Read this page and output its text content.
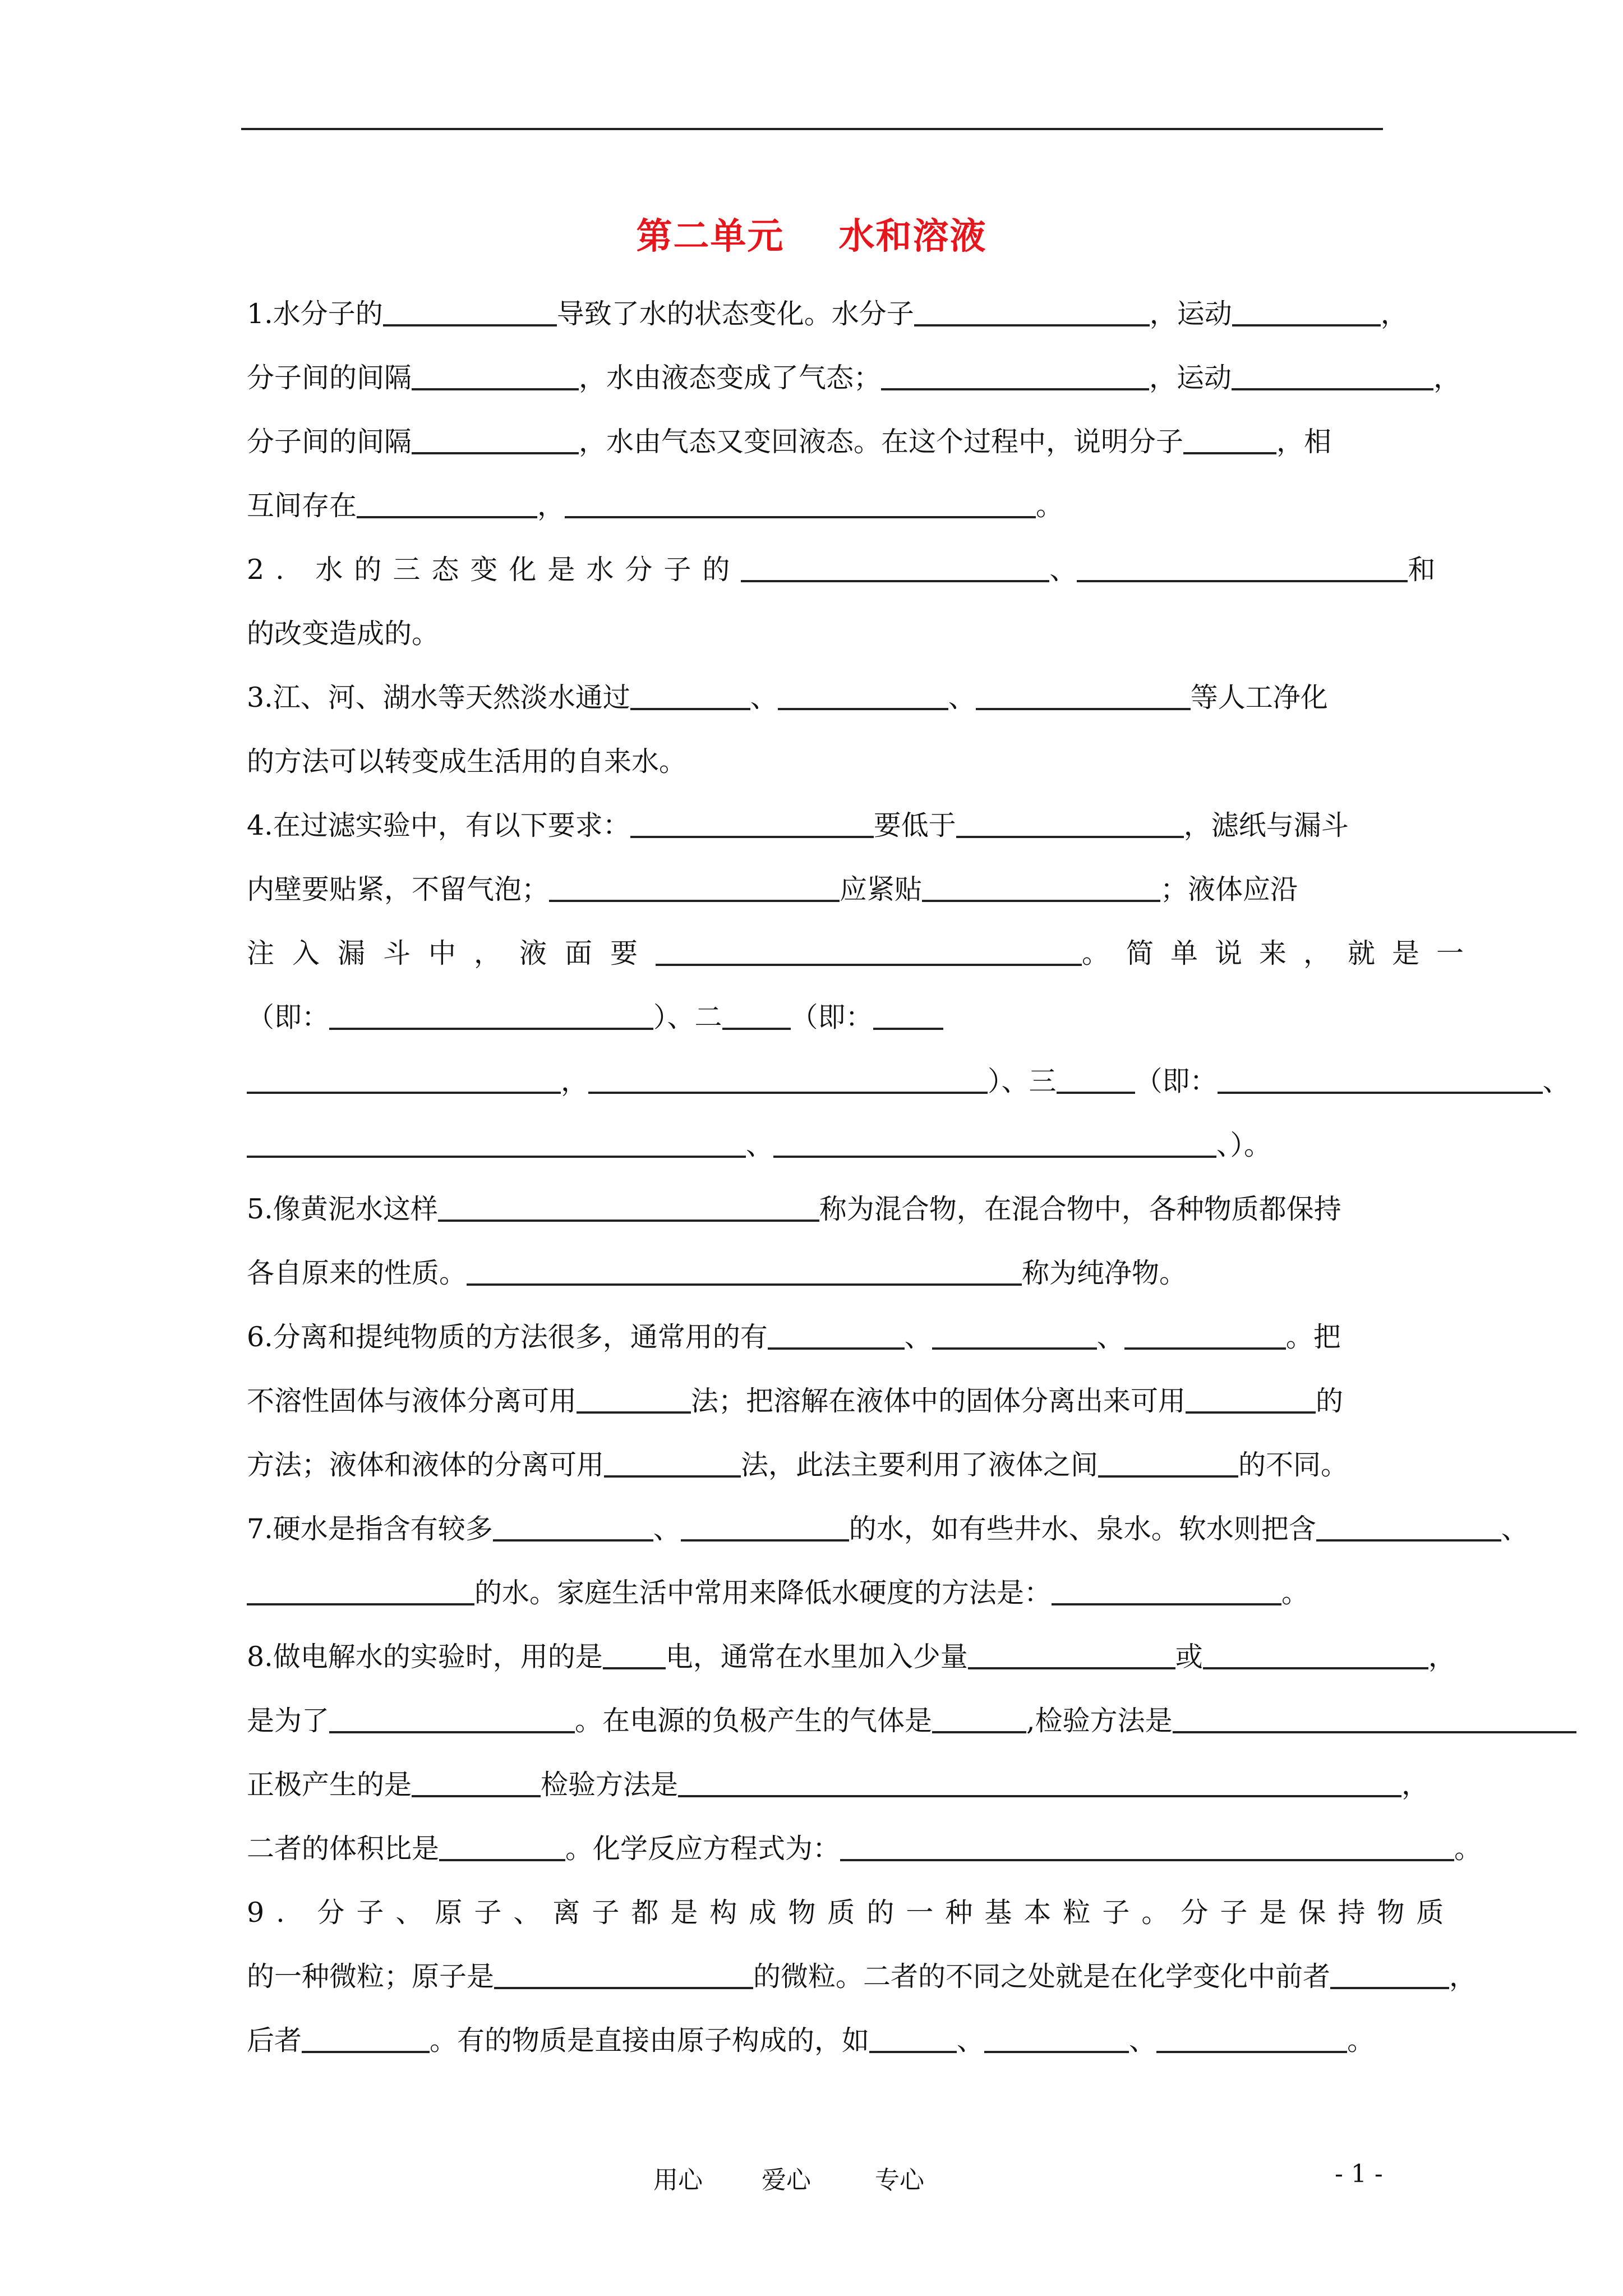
第二单元    水和溶液
1.水分子的	导致了水的状态变化。水分子	，运动	，
分子间的间隔	，水由液态变成了气态；	，运动	，
分子间的间隔	，水由气态又变回液态。在这个过程中，说明分子	，相
互间存在	，	。
2. 水的三态变化是水分子的	、	和
的改变造成的。
3.江、河、湖水等天然淡水通过	、	、	等人工净化
的方法可以转变成生活用的自来水。
4.在过滤实验中，有以下要求：	要低于	，滤纸与漏斗
内壁要贴紧，不留气泡；	应紧贴	；液体应沿
注入漏斗中，液面要	。简单说来，就是一
（即：	）、二 （即：
，	）、三	（即：	、
、	、）。
5.像黄泥水这样	称为混合物，在混合物中，各种物质都保持
各自原来的性质。	称为纯净物。
6.分离和提纯物质的方法很多，通常用的有	、	、	。把
不溶性固体与液体分离可用	法；把溶解在液体中的固体分离出来可用	的
方法；液体和液体的分离可用	法，此法主要利用了液体之间	的不同。
7.硬水是指含有较多	、	的水，如有些井水、泉水。软水则把含	、
的水。家庭生活中常用来降低水硬度的方法是：	。
8.做电解水的实验时，用的是 电，通常在水里加入少量	或	，
是为了	。在电源的负极产生的气体是	,检验方法是
正极产生的是	检验方法是	，
二者的体积比是	。化学反应方程式为：	。
9. 分子、原子、离子都是构成物质的一种基本粒子。分子是保持物质
的一种微粒；原子是	的微粒。二者的不同之处就是在化学变化中前者	，
后者	。有的物质是直接由原子构成的，如	、	、	。
用心 爱心	专心	- 1 -
